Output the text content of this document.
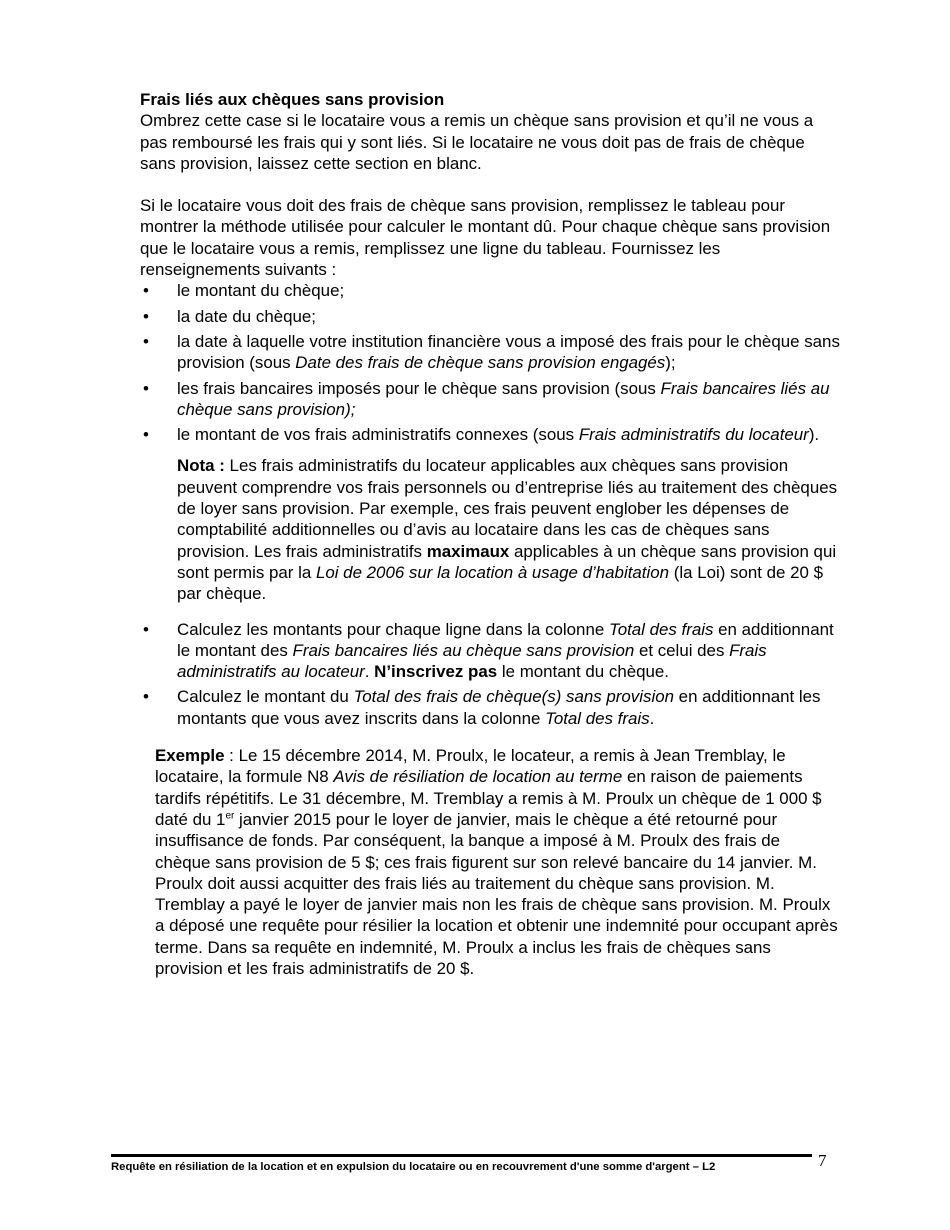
Frais liés aux chèques sans provision

Ombrez cette case si le locataire vous a remis un chèque sans provision et qu’il ne vous a pas remboursé les frais qui y sont liés. Si le locataire ne vous doit pas de frais de chèque sans provision, laissez cette section en blanc.

Si le locataire vous doit des frais de chèque sans provision, remplissez le tableau pour montrer la méthode utilisée pour calculer le montant dû. Pour chaque chèque sans provision que le locataire vous a remis, remplissez une ligne du tableau. Fournissez les renseignements suivants :

• le montant du chèque;
• la date du chèque;
• la date à laquelle votre institution financière vous a imposé des frais pour le chèque sans provision (sous Date des frais de chèque sans provision engagés);
• les frais bancaires imposés pour le chèque sans provision (sous Frais bancaires liés au chèque sans provision);
• le montant de vos frais administratifs connexes (sous Frais administratifs du locateur).

Nota : Les frais administratifs du locateur applicables aux chèques sans provision peuvent comprendre vos frais personnels ou d’entreprise liés au traitement des chèques de loyer sans provision. Par exemple, ces frais peuvent englober les dépenses de comptabilité additionnelles ou d’avis au locataire dans les cas de chèques sans provision. Les frais administratifs maximaux applicables à un chèque sans provision qui sont permis par la Loi de 2006 sur la location à usage d’habitation (la Loi) sont de 20 $ par chèque.

• Calculez les montants pour chaque ligne dans la colonne Total des frais en additionnant le montant des Frais bancaires liés au chèque sans provision et celui des Frais administratifs au locateur. N’inscrivez pas le montant du chèque.
• Calculez le montant du Total des frais de chèque(s) sans provision en additionnant les montants que vous avez inscrits dans la colonne Total des frais.

Exemple : Le 15 décembre 2014, M. Proulx, le locateur, a remis à Jean Tremblay, le locataire, la formule N8 Avis de résiliation de location au terme en raison de paiements tardifs répétitifs. Le 31 décembre, M. Tremblay a remis à M. Proulx un chèque de 1 000 $ daté du 1er janvier 2015 pour le loyer de janvier, mais le chèque a été retourné pour insuffisance de fonds. Par conséquent, la banque a imposé à M. Proulx des frais de chèque sans provision de 5 $; ces frais figurent sur son relevé bancaire du 14 janvier. M. Proulx doit aussi acquitter des frais liés au traitement du chèque sans provision. M. Tremblay a payé le loyer de janvier mais non les frais de chèque sans provision. M. Proulx a déposé une requête pour résilier la location et obtenir une indemnité pour occupant après terme. Dans sa requête en indemnité, M. Proulx a inclus les frais de chèques sans provision et les frais administratifs de 20 $.

Requête en résiliation de la location et en expulsion du locataire ou en recouvrement d'une somme d'argent – L2	7
